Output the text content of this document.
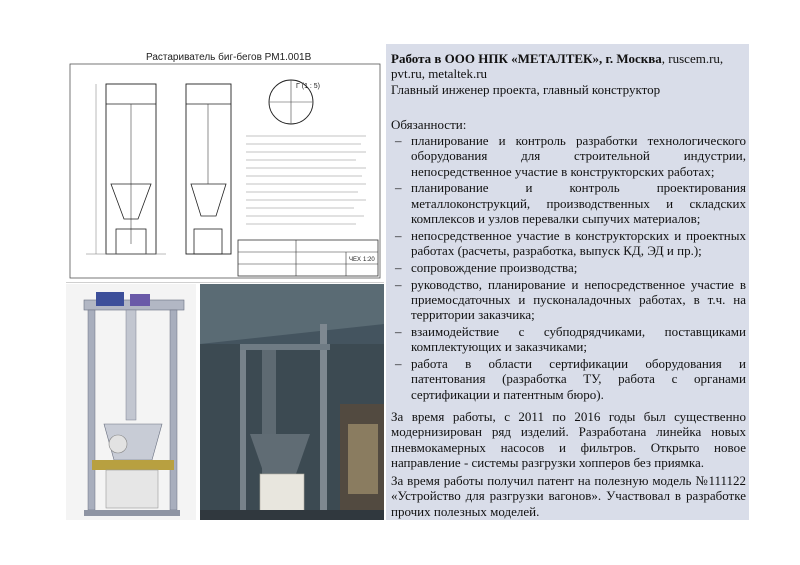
Г (1 : 5)
ЧЕХ 1:20
Растариватель биг-бегов РМ1.001В	Работа в ООО НПК «МЕТАЛТЕК», г. Москва, ruscem.ru, pvt.ru, metaltek.ru
Главный инженер проекта, главный конструктор
Обязанности:
– планирование и контроль разработки технологического оборудования для строительной индустрии, непосредственное участие в конструкторских работах;
– планирование и контроль проектирования металлоконструкций, производственных и складских комплексов и узлов перевалки сыпучих материалов;
– непосредственное участие в конструкторских и проектных работах (расчеты, разработка, выпуск КД, ЭД и пр.);
– сопровождение производства;
– руководство, планирование и непосредственное участие в приемосдаточных и пусконаладочных работах, в т.ч. на территории заказчика;
– взаимодействие с субподрядчиками, поставщиками комплектующих и заказчиками;
– работа в области сертификации оборудования и патентования (разработка ТУ, работа с органами сертификации и патентным бюро).
За время работы, с 2011 по 2016 годы был существенно модернизирован ряд изделий. Разработана линейка новых пневмокамерных насосов и фильтров. Открыто новое направление - системы разгрузки хопперов без приямка.
За время работы получил патент на полезную модель №111122 «Устройство для разгрузки вагонов». Участвовал в разработке прочих полезных моделей.
